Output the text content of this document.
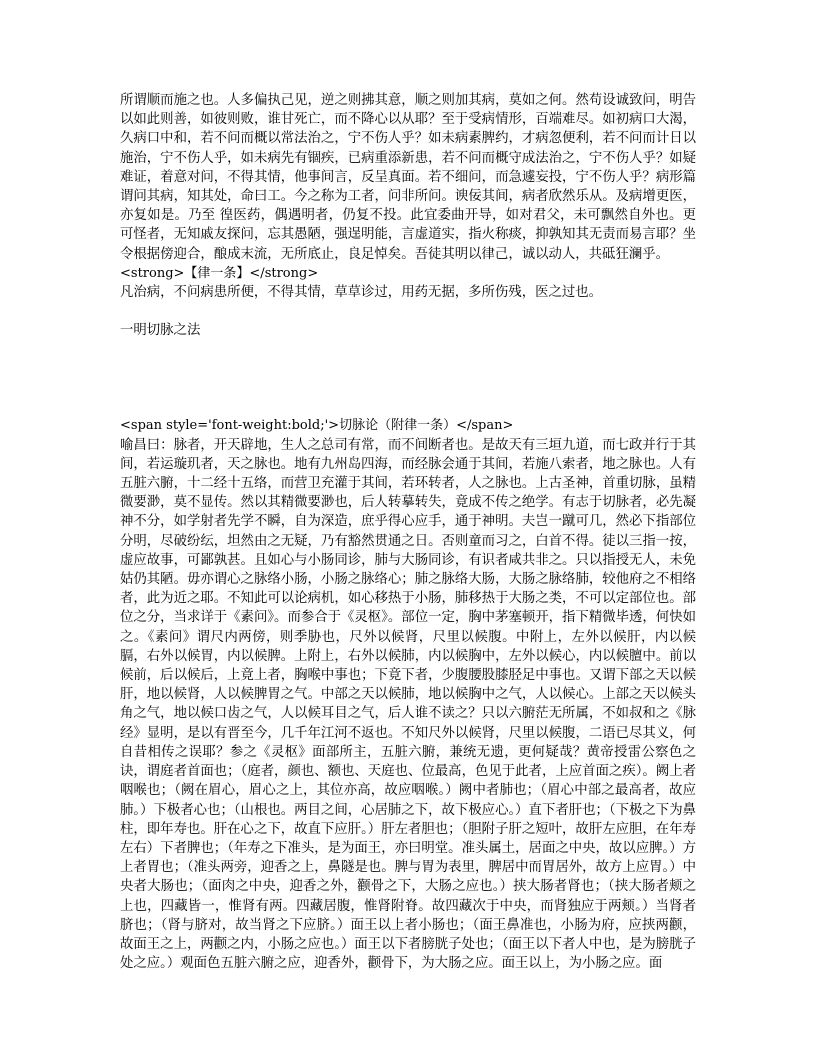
所谓顺而施之也。人多偏执己见，逆之则拂其意，顺之则加其病，莫如之何。然苟设诚致问，明告以如此则善，如彼则败，谁甘死亡，而不降心以从耶？至于受病情形，百端难尽。如初病口大渴，久病口中和，若不问而概以常法治之，宁不伤人乎？如未病素脾约，才病忽便利，若不问而计日以施治，宁不伤人乎，如未病先有锢疾，已病重添新患，若不问而概守成法治之，宁不伤人乎？如疑难证，着意对问，不得其情，他事间言，反呈真面。若不细问，而急遽妄投，宁不伤人乎？病形篇谓问其病，知其处，命曰工。今之称为工者，问非所问。谀佞其间，病者欣然乐从。及病增更医，亦复如是。乃至 徨医药，偶遇明者，仍复不投。此宜委曲开导，如对君父，未可飘然自外也。更可怪者，无知戚友探问，忘其愚陋，强逞明能，言虚道实，指火称痰，抑孰知其无责而易言耶？坐令根据傍迎合，酿成末流，无所底止，良足悼矣。吾徒其明以律己，诚以动人，共砥狂澜乎。

<strong>【律一条】</strong>

凡治病，不问病患所便，不得其情，草草诊过，用药无据，多所伤残，医之过也。

一明切脉之法

<span style='font-weight:bold;'>切脉论（附律一条）</span>

喻昌曰：脉者，开天辟地，生人之总司有常，而不间断者也。是故天有三垣九道，而七政并行于其间，若运璇玑者，天之脉也。地有九州岛四海，而经脉会通于其间，若施八索者，地之脉也。人有五脏六腑，十二经十五络，而营卫充灌于其间，若环转者，人之脉也。上古圣神，首重切脉，虽精微要渺，莫不显传。然以其精微要渺也，后人转摹转失，竟成不传之绝学。有志于切脉者，必先凝神不分，如学射者先学不瞬，自为深造，庶乎得心应手，通于神明。夫岂一蹴可几，然必下指部位分明，尽破纷纭，坦然由之无疑，乃有豁然贯通之日。否则童而习之，白首不得。徒以三指一按，虚应故事，可鄙孰甚。且如心与小肠同诊，肺与大肠同诊，有识者咸共非之。只以指授无人，未免姑仍其陋。毋亦谓心之脉络小肠，小肠之脉络心；肺之脉络大肠，大肠之脉络肺，较他府之不相络者，此为近之耶。不知此可以论病机，如心移热于小肠，肺移热于大肠之类，不可以定部位也。部位之分，当求详于《素问》。而参合于《灵枢》。部位一定，胸中茅塞顿开，指下精微毕透，何快如之。《素问》谓尺内两傍，则季胁也，尺外以候肾，尺里以候腹。中附上，左外以候肝，内以候膈，右外以候胃，内以候脾。上附上，右外以候肺，内以候胸中，左外以候心，内以候膻中。前以候前，后以候后，上竟上者，胸喉中事也；下竟下者，少腹腰股膝胫足中事也。又谓下部之天以候肝，地以候肾，人以候脾胃之气。中部之天以候肺，地以候胸中之气，人以候心。上部之天以候头角之气，地以候口齿之气，人以候耳目之气，后人谁不读之？只以六腑茫无所属，不如叔和之《脉经》显明，是以有晋至今，几千年江河不返也。不知尺外以候肾，尺里以候腹，二语已尽其义，何自昔相传之误耶？参之《灵枢》面部所主，五脏六腑，兼统无遗，更何疑哉？黄帝授雷公察色之诀，谓庭者首面也；（庭者，颜也、额也、天庭也、位最高，色见于此者，上应首面之疾）。阙上者咽喉也；（阙在眉心，眉心之上，其位亦高，故应咽喉。）阙中者肺也；（眉心中部之最高者，故应肺。）下极者心也；（山根也。两目之间，心居肺之下，故下极应心。）直下者肝也；（下极之下为鼻柱，即年寿也。肝在心之下，故直下应肝。）肝左者胆也；（胆附子肝之短叶，故肝左应胆，在年寿左右）下者脾也；（年寿之下准头，是为面王，亦曰明堂。准头属土，居面之中央，故以应脾。）方上者胃也；（准头两旁，迎香之上，鼻隧是也。脾与胃为表里，脾居中而胃居外，故方上应胃。）中央者大肠也；（面肉之中央，迎香之外，颧骨之下，大肠之应也。）挟大肠者肾也；（挟大肠者颊之上也，四藏皆一，惟肾有两。四藏居腹，惟肾附脊。故四藏次于中央，而肾独应于两颊。）当肾者脐也；（肾与脐对，故当肾之下应脐。）面王以上者小肠也；（面王鼻准也，小肠为府，应挟两颧，故面王之上，两颧之内，小肠之应也。）面王以下者膀胱子处也；（面王以下者人中也，是为膀胱子处之应。）观面色五脏六腑之应，迎香外，颧骨下，为大肠之应。面王以上，为小肠之应。面
